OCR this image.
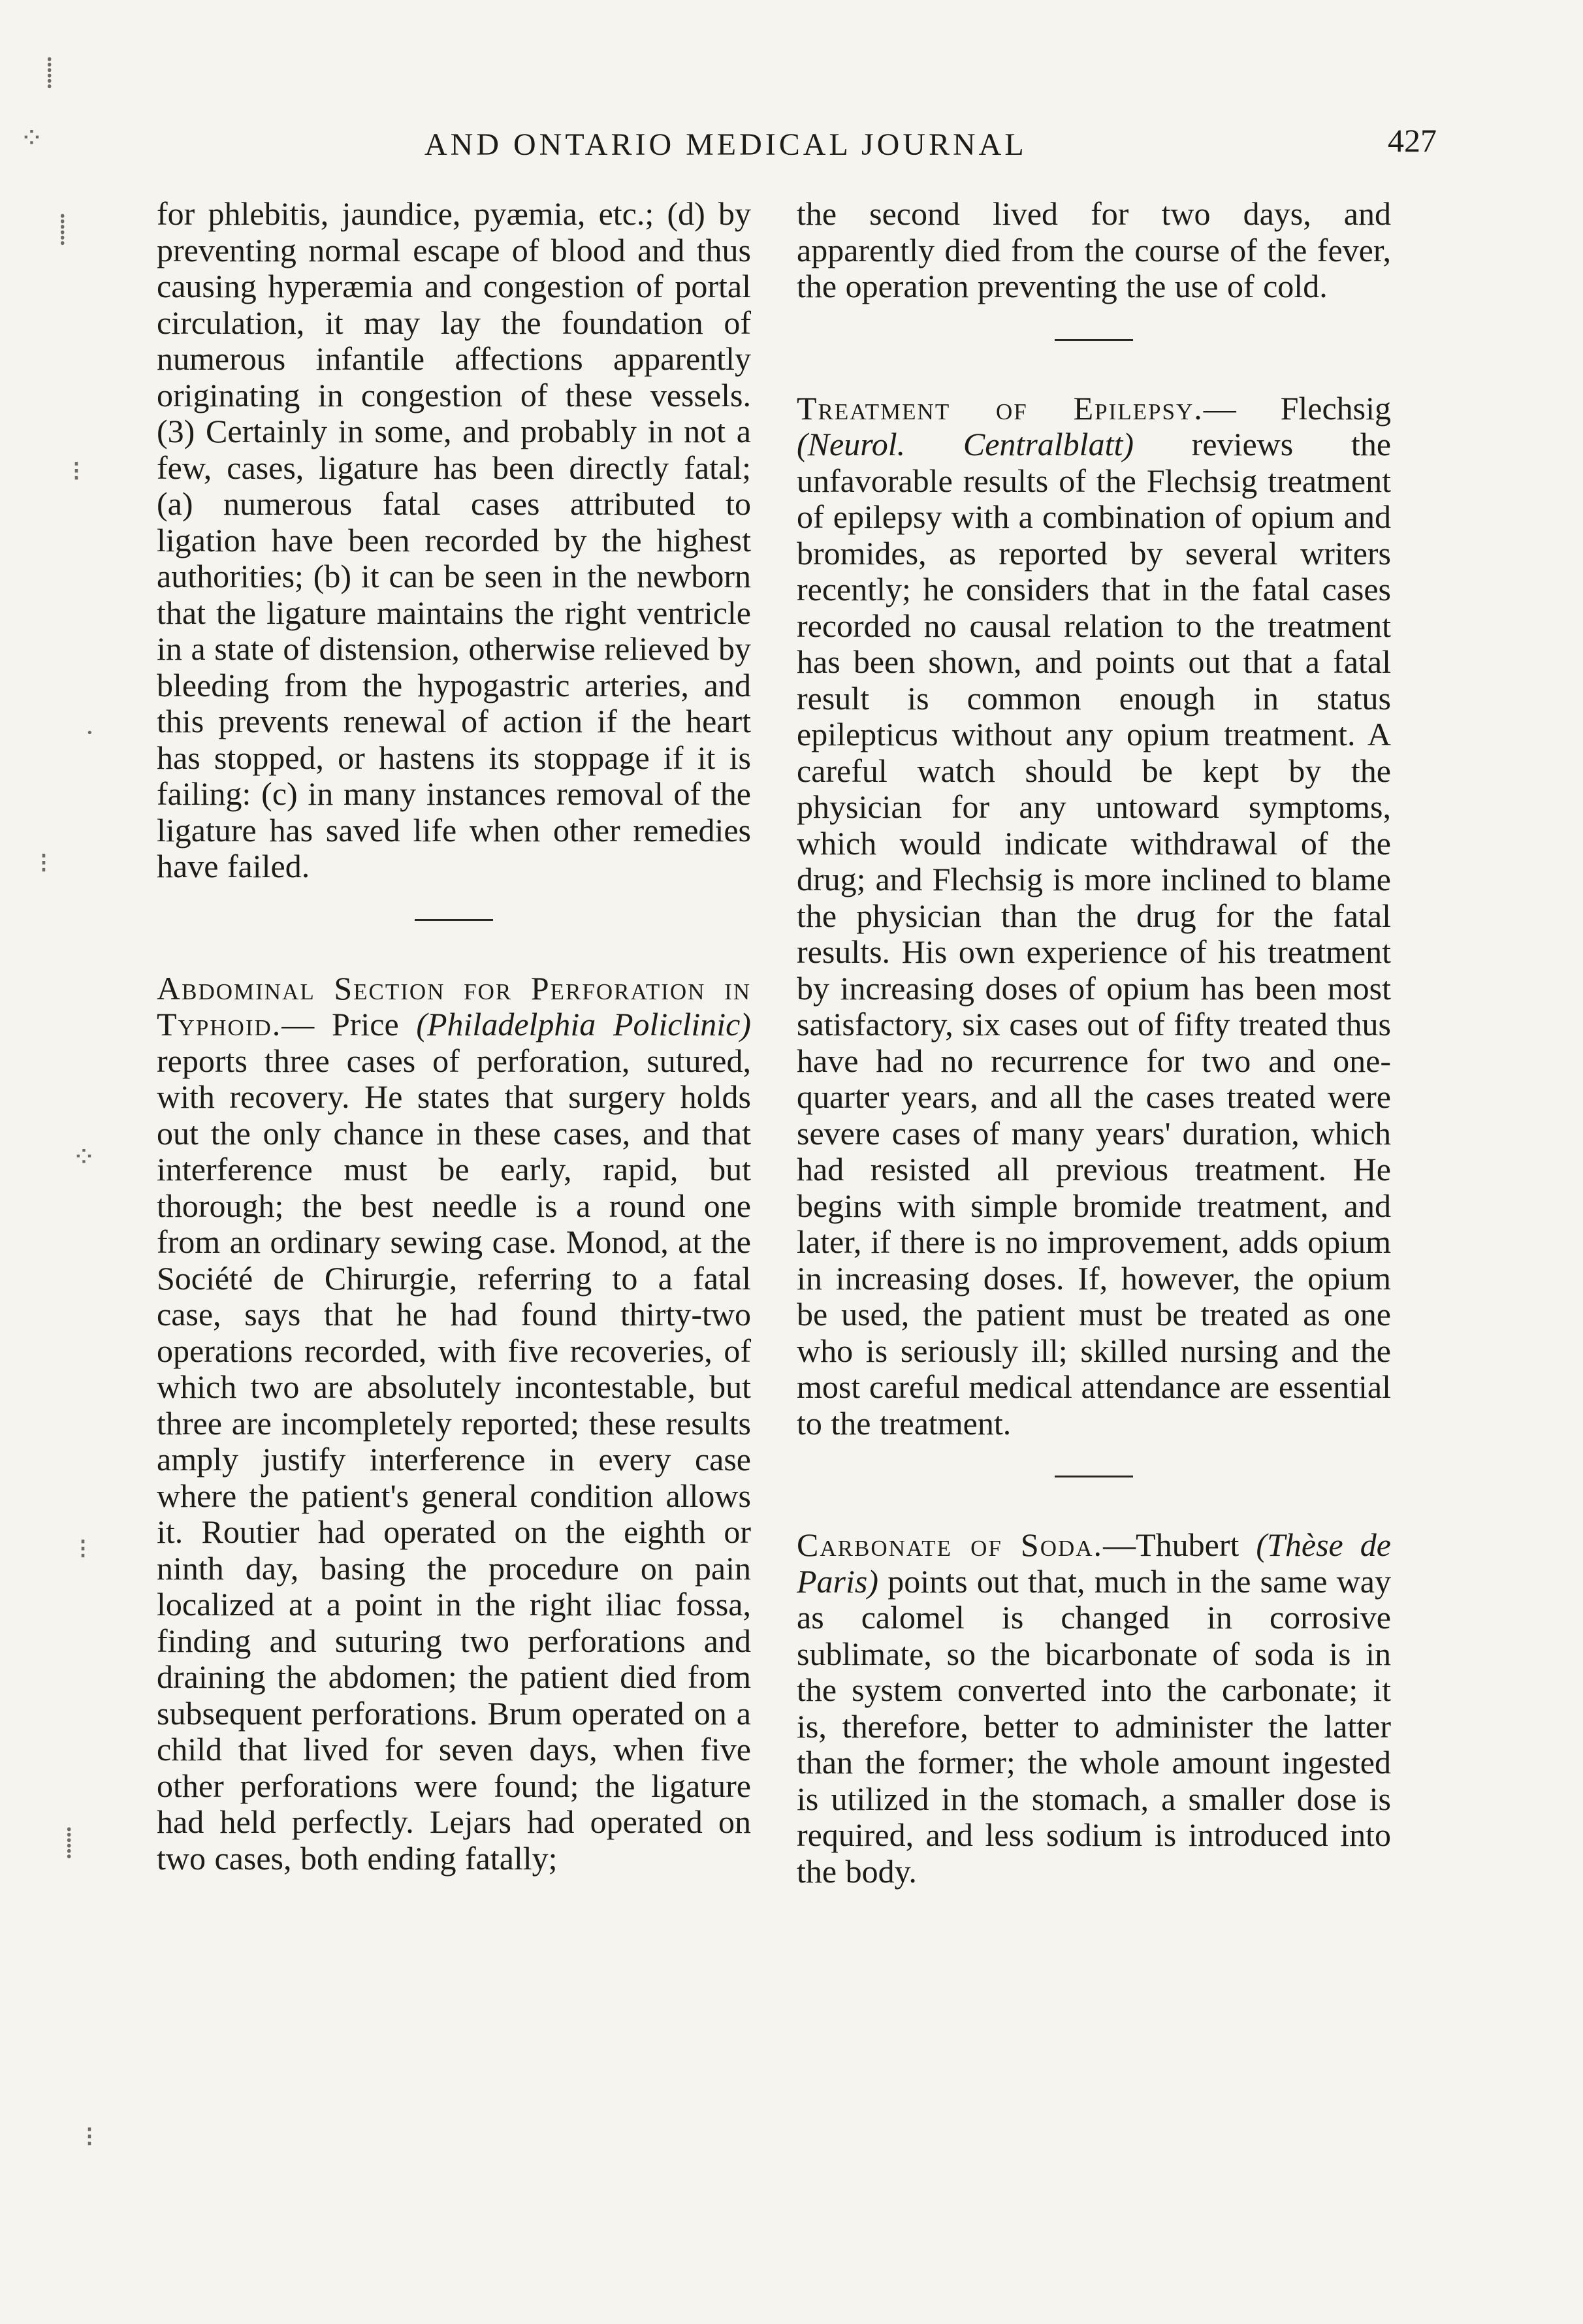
⸽
⁘
⸽
⁝
·
⁝
⁘
⁝
⸽
⁝
AND ONTARIO MEDICAL JOURNAL	427

for phlebitis, jaundice, pyæmia, etc.; (d) by preventing normal escape of blood and thus causing hyperæmia and congestion of portal circulation, it may lay the foundation of numerous infantile affections apparently originating in congestion of these vessels. (3) Certainly in some, and probably in not a few, cases, ligature has been directly fatal; (a) numerous fatal cases attributed to ligation have been recorded by the highest authorities; (b) it can be seen in the newborn that the ligature maintains the right ventricle in a state of distension, otherwise relieved by bleeding from the hypogastric arteries, and this prevents renewal of action if the heart has stopped, or hastens its stoppage if it is failing: (c) in many instances removal of the ligature has saved life when other remedies have failed.

Abdominal Section for Perforation in Typhoid.— Price (Philadelphia Policlinic) reports three cases of perforation, sutured, with recovery. He states that surgery holds out the only chance in these cases, and that interference must be early, rapid, but thorough; the best needle is a round one from an ordinary sewing case. Monod, at the Société de Chirurgie, referring to a fatal case, says that he had found thirty-two operations recorded, with five recoveries, of which two are absolutely incontestable, but three are incompletely reported; these results amply justify interference in every case where the patient's general condition allows it. Routier had operated on the eighth or ninth day, basing the procedure on pain localized at a point in the right iliac fossa, finding and suturing two perforations and draining the abdomen; the patient died from subsequent perforations. Brum operated on a child that lived for seven days, when five other perforations were found; the ligature had held perfectly. Lejars had operated on two cases, both ending fatally;

the second lived for two days, and apparently died from the course of the fever, the operation preventing the use of cold.

Treatment of Epilepsy.— Flechsig (Neurol. Centralblatt) reviews the unfavorable results of the Flechsig treatment of epilepsy with a combination of opium and bromides, as reported by several writers recently; he considers that in the fatal cases recorded no causal relation to the treatment has been shown, and points out that a fatal result is common enough in status epilepticus without any opium treatment. A careful watch should be kept by the physician for any untoward symptoms, which would indicate withdrawal of the drug; and Flechsig is more inclined to blame the physician than the drug for the fatal results. His own experience of his treatment by increasing doses of opium has been most satisfactory, six cases out of fifty treated thus have had no recurrence for two and one-quarter years, and all the cases treated were severe cases of many years' duration, which had resisted all previous treatment. He begins with simple bromide treatment, and later, if there is no improvement, adds opium in increasing doses. If, however, the opium be used, the patient must be treated as one who is seriously ill; skilled nursing and the most careful medical attendance are essential to the treatment.

Carbonate of Soda.—Thubert (Thèse de Paris) points out that, much in the same way as calomel is changed in corrosive sublimate, so the bicarbonate of soda is in the system converted into the carbonate; it is, therefore, better to administer the latter than the former; the whole amount ingested is utilized in the stomach, a smaller dose is required, and less sodium is introduced into the body.
